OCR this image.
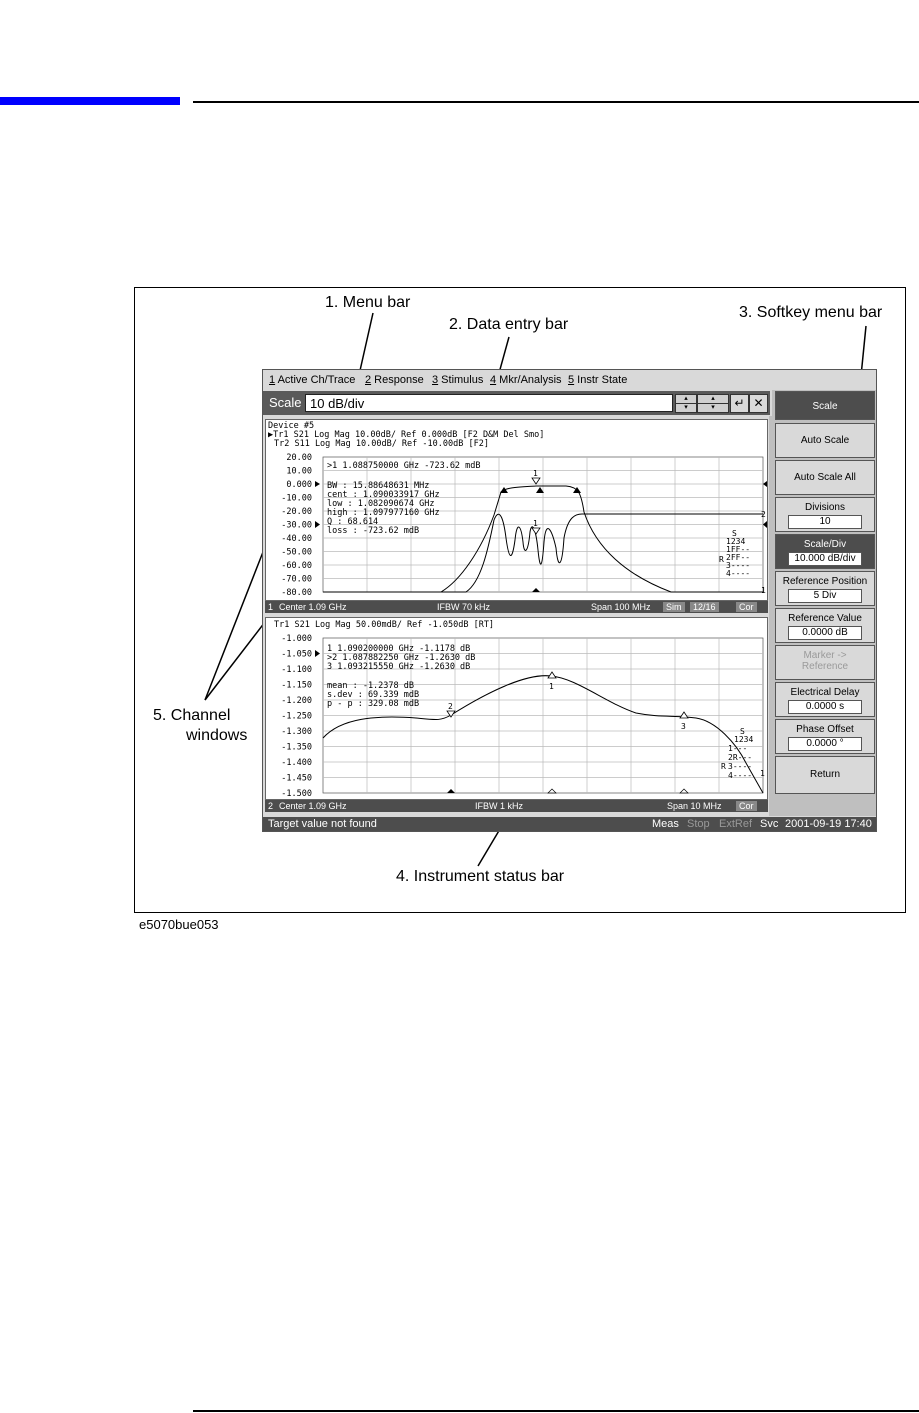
1. Menu bar
2. Data entry bar
3. Softkey menu bar
5. Channel
windows
4. Instrument status bar
e5070bue053
1 Active Ch/Trace 2 Response 3 Stimulus 4 Mkr/Analysis 5 Instr State
Scale 10 dB/div	▴
▾
▴
▾	↵ ✕
Device #5
▶Tr1 S21 Log Mag 10.00dB/ Ref 0.000dB [F2 D&M Del Smo]
Tr2 S11 Log Mag 10.00dB/ Ref -10.00dB [F2]
20.00
10.00
0.000
-10.00
-20.00
-30.00
-40.00
-50.00
-60.00
-70.00
-80.00
>1 1.088750000 GHz -723.62 mdB
BW : 15.88648631 MHz
cent : 1.090033917 GHz
low : 1.082090674 GHz
high : 1.097977160 GHz
Q : 68.614
loss : -723.62 mdB
1
1
S
1234
1FF--
R 2FF--
3----
4----
2
1
1 Center 1.09 GHz	IFBW 70 kHz	Span 100 MHz	Sim	12/16	Cor
Tr1 S21 Log Mag 50.00mdB/ Ref -1.050dB [RT]
-1.000
-1.050
-1.100
-1.150
-1.200
-1.250
-1.300
-1.350
-1.400
-1.450
-1.500
1 1.090200000 GHz -1.1178 dB
>2 1.087882250 GHz -1.2630 dB
3 1.093215550 GHz -1.2630 dB
mean : -1.2378 dB
s.dev : 69.339 mdB
p - p : 329.08 mdB
1
2
3
S
1234
1---
2R---
R 3----
4---- 1
2 Center 1.09 GHz	IFBW 1 kHz	Span 10 MHz	Cor
Scale
Auto Scale
Auto Scale All
Divisions
10
Scale/Div
10.000 dB/div
Reference Position
5 Div
Reference Value
0.0000 dB
Marker ->
Reference
Electrical Delay
0.0000 s
Phase Offset
0.0000 °
Return
Target value not found	Meas Stop ExtRef Svc 2001-09-19 17:40
